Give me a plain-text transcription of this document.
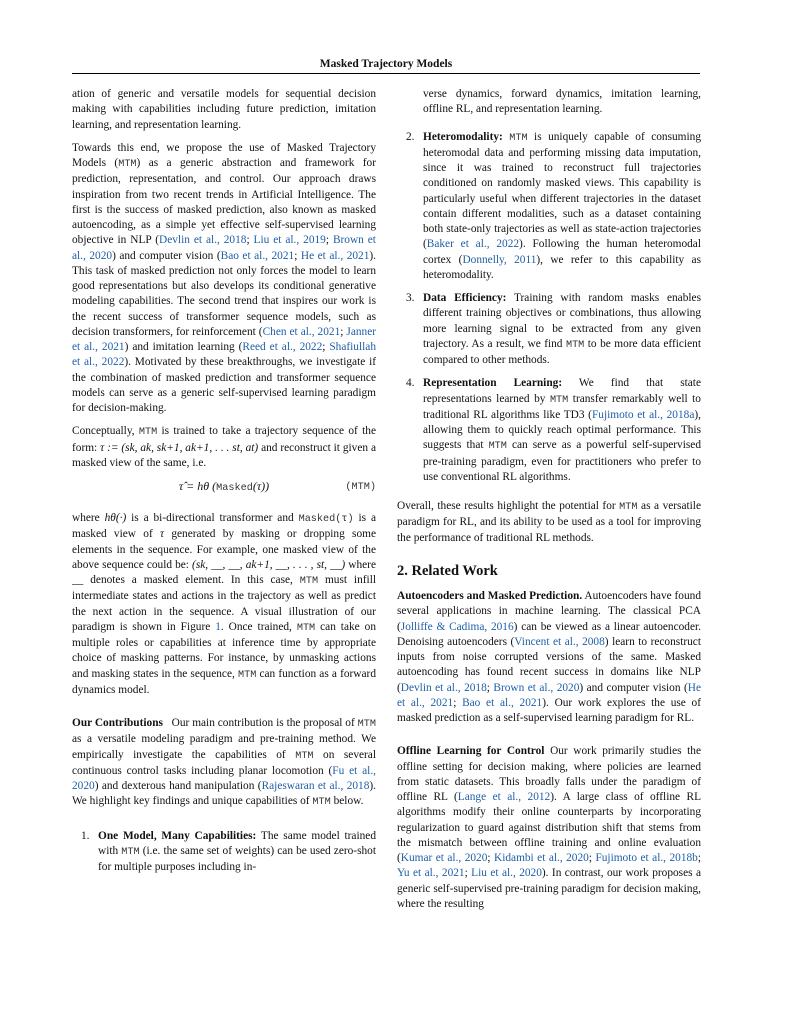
Masked Trajectory Models

ation of generic and versatile models for sequential decision making with capabilities including future prediction, imitation learning, and representation learning.

Towards this end, we propose the use of Masked Trajectory Models (MTM) as a generic abstraction and framework for prediction, representation, and control. Our approach draws inspiration from two recent trends in Artificial Intelligence. The first is the success of masked prediction, also known as masked autoencoding, as a simple yet effective self-supervised learning objective in NLP (Devlin et al., 2018; Liu et al., 2019; Brown et al., 2020) and computer vision (Bao et al., 2021; He et al., 2021). This task of masked prediction not only forces the model to learn good representations but also develops its conditional generative modeling capabilities. The second trend that inspires our work is the recent success of transformer sequence models, such as decision transformers, for reinforcement (Chen et al., 2021; Janner et al., 2021) and imitation learning (Reed et al., 2022; Shafiullah et al., 2022). Motivated by these breakthroughs, we investigate if the combination of masked prediction and transformer sequence models can serve as a generic self-supervised learning paradigm for decision-making.

Conceptually, MTM is trained to take a trajectory sequence of the form: τ := (sk, ak, sk+1, ak+1, . . . st, at) and reconstruct it given a masked view of the same, i.e.

τ̂ = hθ (Masked(τ))	(MTM)

where hθ(·) is a bi-directional transformer and Masked(τ) is a masked view of τ generated by masking or dropping some elements in the sequence. For example, one masked view of the above sequence could be: (sk, __, __, ak+1, __, . . . , st, __) where __ denotes a masked element. In this case, MTM must infill intermediate states and actions in the trajectory as well as predict the next action in the sequence. A visual illustration of our paradigm is shown in Figure 1. Once trained, MTM can take on multiple roles or capabilities at inference time by appropriate choice of masking patterns. For instance, by unmasking actions and masking states in the sequence, MTM can function as a forward dynamics model.

Our Contributions Our main contribution is the proposal of MTM as a versatile modeling paradigm and pre-training method. We empirically investigate the capabilities of MTM on several continuous control tasks including planar locomotion (Fu et al., 2020) and dexterous hand manipulation (Rajeswaran et al., 2018). We highlight key findings and unique capabilities of MTM below.

1. One Model, Many Capabilities: The same model trained with MTM (i.e. the same set of weights) can be used zero-shot for multiple purposes including in-
verse dynamics, forward dynamics, imitation learning, offline RL, and representation learning.
2. Heteromodality: MTM is uniquely capable of consuming heteromodal data and performing missing data imputation, since it was trained to reconstruct full trajectories conditioned on randomly masked views. This capability is particularly useful when different trajectories in the dataset contain different modalities, such as a dataset containing both state-only trajectories as well as state-action trajectories (Baker et al., 2022). Following the human heteromodal cortex (Donnelly, 2011), we refer to this capability as heteromodality.
3. Data Efficiency: Training with random masks enables different training objectives or combinations, thus allowing more learning signal to be extracted from any given trajectory. As a result, we find MTM to be more data efficient compared to other methods.
4. Representation Learning: We find that state representations learned by MTM transfer remarkably well to traditional RL algorithms like TD3 (Fujimoto et al., 2018a), allowing them to quickly reach optimal performance. This suggests that MTM can serve as a powerful self-supervised pre-training paradigm, even for practitioners who prefer to use conventional RL algorithms.

Overall, these results highlight the potential for MTM as a versatile paradigm for RL, and its ability to be used as a tool for improving the performance of traditional RL methods.

2. Related Work

Autoencoders and Masked Prediction. Autoencoders have found several applications in machine learning. The classical PCA (Jolliffe & Cadima, 2016) can be viewed as a linear autoencoder. Denoising autoencoders (Vincent et al., 2008) learn to reconstruct inputs from noise corrupted versions of the same. Masked autoencoding has found recent success in domains like NLP (Devlin et al., 2018; Brown et al., 2020) and computer vision (He et al., 2021; Bao et al., 2021). Our work explores the use of masked prediction as a self-supervised learning paradigm for RL.

Offline Learning for Control Our work primarily studies the offline setting for decision making, where policies are learned from static datasets. This broadly falls under the paradigm of offline RL (Lange et al., 2012). A large class of offline RL algorithms modify their online counterparts by incorporating regularization to guard against distribution shift that stems from the mismatch between offline training and online evaluation (Kumar et al., 2020; Kidambi et al., 2020; Fujimoto et al., 2018b; Yu et al., 2021; Liu et al., 2020). In contrast, our work proposes a generic self-supervised pre-training paradigm for decision making, where the resulting
